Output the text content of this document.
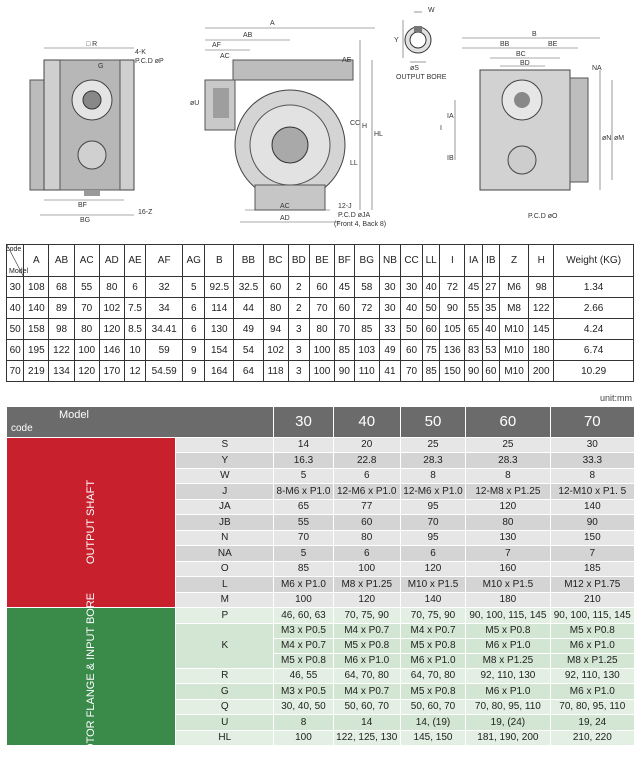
□ R
4-K
P.C.D øP
G
BF
BG
16-Z
A
AB
AF
AC
AE
øU
CC H
HL
LL
AC
AD
12-J
P.C.D øJA
(Front 4, Back 8)
W
Y
øS
OUTPUT BORE
B
BB	BE
BC
BD
NA
IA
I
IB
øN øM
P.C.D øO
code
Model	A	AB	AC	AD	AE	AF	AG	B	BB	BC	BD	BE	BF	BG	NB	CC	LL	I	IA	IB	Z	H	Weight (KG)
30	108	68	55	80	6	32	5	92.5	32.5	60	2	60	45	58	30	30	40	72	45	27	M6	98	1.34
40	140	89	70	102	7.5	34	6	114	44	80	2	70	60	72	30	40	50	90	55	35	M8	122	2.66
50	158	98	80	120	8.5	34.41	6	130	49	94	3	80	70	85	33	50	60	105	65	40	M10	145	4.24
60	195	122	100	146	10	59	9	154	54	102	3	100	85	103	49	60	75	136	83	53	M10	180	6.74
70	219	134	120	170	12	54.59	9	164	64	118	3	100	90	110	41	70	85	150	90	60	M10	200	10.29
unit:mm
Model
code		30	40	50	60	70
OUTPUT SHAFT	S	14	20	25	25	30
	Y	16.3	22.8	28.3	28.3	33.3
	W	5	6	8	8	8
	J	8-M6 x P1.0	12-M6 x P1.0	12-M6 x P1.0	12-M8 x P1.25	12-M10 x P1. 5
	JA	65	77	95	120	140
	JB	55	60	70	80	90
	N	70	80	95	130	150
	NA	5	6	6	7	7
	O	85	100	120	160	185
	L	M6 x P1.0	M8 x P1.25	M10 x P1.5	M10 x P1.5	M12 x P1.75
	M	100	120	140	180	210
MOTOR FLANGE & INPUT BORE	P	46, 60, 63	70, 75, 90	70, 75, 90	90, 100, 115, 145	90, 100, 115, 145
	K	M3 x P0.5	M4 x P0.7	M4 x P0.7	M5 x P0.8	M5 x P0.8
		M4 x P0.7	M5 x P0.8	M5 x P0.8	M6 x P1.0	M6 x P1.0
		M5 x P0.8	M6 x P1.0	M6 x P1.0	M8 x P1.25	M8 x P1.25
	R	46, 55	64, 70, 80	64, 70, 80	92, 110, 130	92, 110, 130
	G	M3 x P0.5	M4 x P0.7	M5 x P0.8	M6 x P1.0	M6 x P1.0
	Q	30, 40, 50	50, 60, 70	50, 60, 70	70, 80, 95, 110	70, 80, 95, 110
	U	8	14	14, (19)	19, (24)	19, 24
	HL	100	122, 125, 130	145, 150	181, 190, 200	210, 220
